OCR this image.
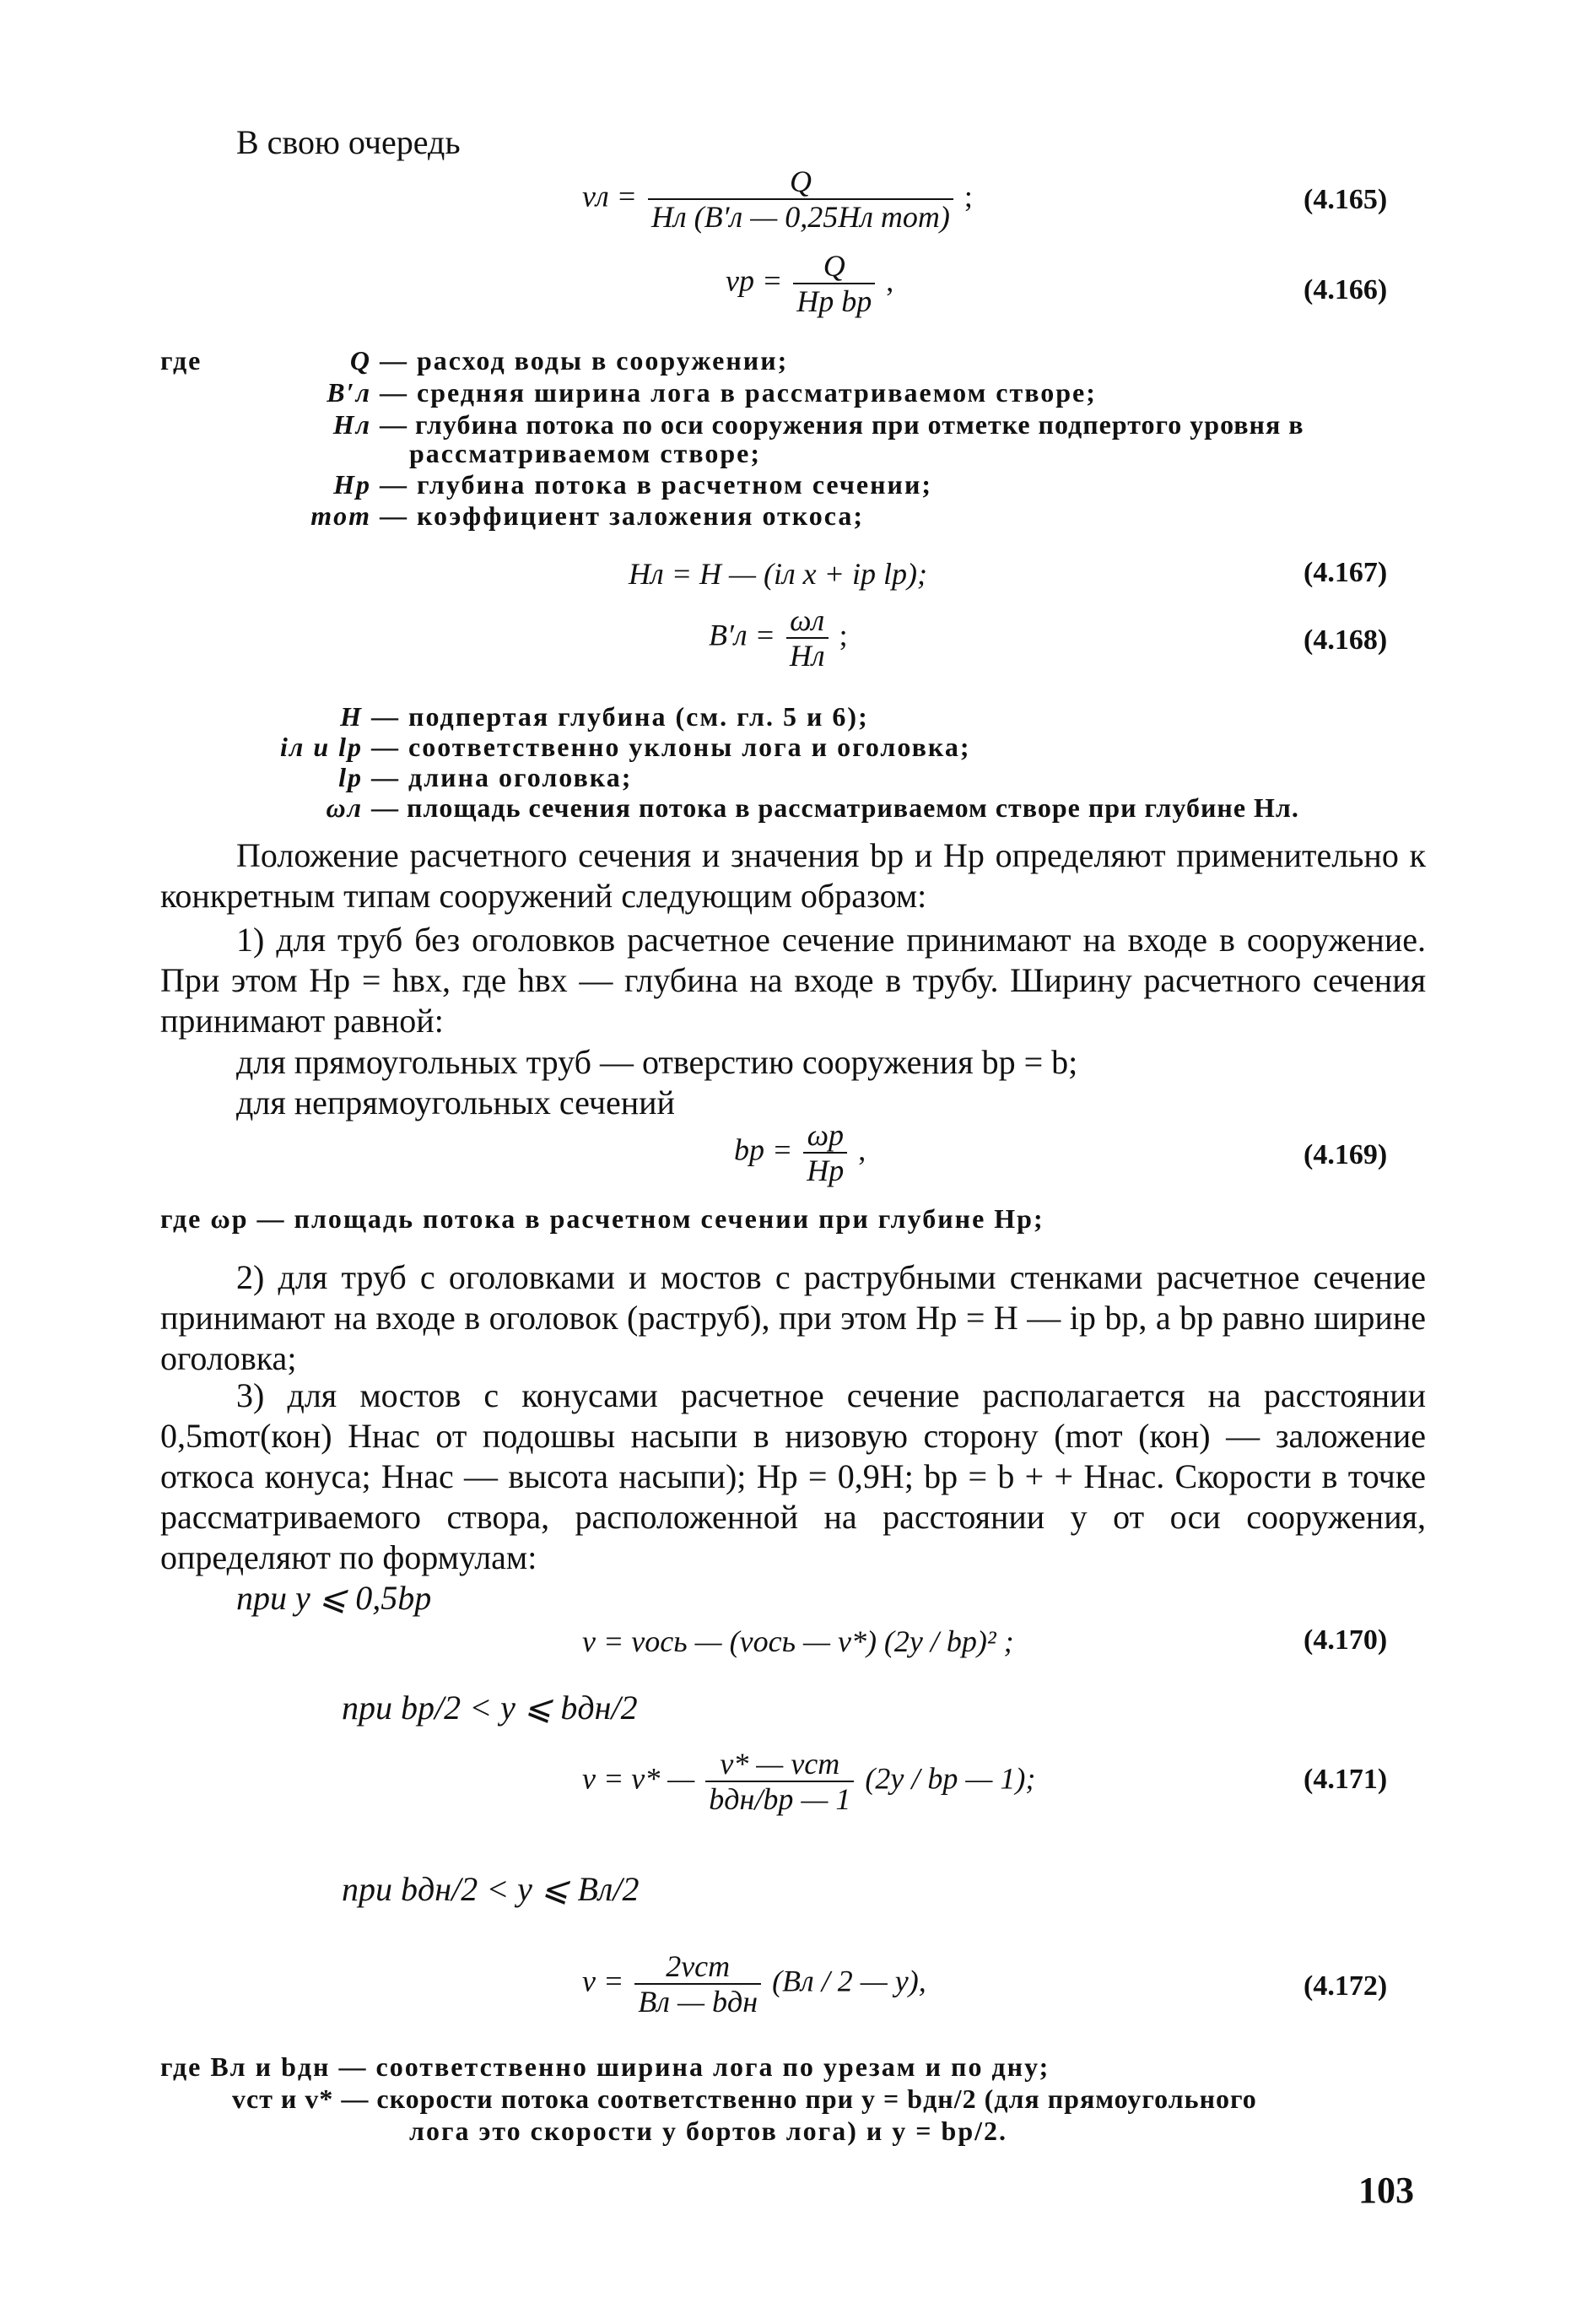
В свою очередь
vл = $\frac{Q}{\text{Hл (B′л — 0,25Hл mот)}}$ ;	(4.165)
vр = $\frac{Q}{\text{Hр bр}}$ ,	(4.166)
где	Q — расход воды в сооружении;
B′л — средняя ширина лога в рассматриваемом створе;
Hл — глубина потока по оси сооружения при отметке подпертого уровня в
рассматриваемом створе;
Hр — глубина потока в расчетном сечении;
mот — коэффициент заложения откоса;
Hл = H — (iл x + iр lр);	(4.167)
$B'л = \frac{\omega л}{Hл}$ ;	(4.168)
H — подпертая глубина (см. гл. 5 и 6);
iл и lр — соответственно уклоны лога и оголовка;
lр — длина оголовка;
ωл — площадь сечения потока в рассматриваемом створе при глубине Hл.
Положение расчетного сечения и значения bр и Hр определяют применительно к конкретным типам сооружений следующим образом:
1) для труб без оголовков расчетное сечение принимают на входе в сооружение. При этом Hр = hвх, где hвх — глубина на входе в трубу. Ширину расчетного сечения принимают равной:
для прямоугольных труб — отверстию сооружения bр = b;
для непрямоугольных сечений
bр = $\frac{\omega р}{Hр}$ ,	(4.169)
где ωр — площадь потока в расчетном сечении при глубине Hр;
2) для труб с оголовками и мостов с раструбными стенками расчетное сечение принимают на входе в оголовок (раструб), при этом Hр = H — iр bр, а bр равно ширине оголовка;
3) для мостов с конусами расчетное сечение располагается на расстоянии 0,5mот(кон) Hнас от подошвы насыпи в низовую сторону (mот (кон) — заложение откоса конуса; Hнас — высота насыпи); Hр = 0,9H; bр = b + + Hнас. Скорости в точке рассматриваемого створа, расположенной на расстоянии y от оси сооружения, определяют по формулам:
при y ⩽ 0,5bр
v = vось — (vось — v*) (2y / bр)² ;	(4.170)
при bр/2 < y ⩽ bдн/2
v = v* — $\frac{\text{v* — vст}}{\text{bдн/bр — 1}} (2y$ / bр — 1);	(4.171)
при bдн/2 < y ⩽ Bл/2
$v = \frac{\text{2vст}}{\text{Bл — bдн}} (Bл / 2$ — y),	(4.172)
где Bл и bдн — соответственно ширина лога по урезам и по дну;
vст и v* — скорости потока соответственно при y = bдн/2 (для прямоугольного
лога это скорости у бортов лога) и y = bр/2.
103
